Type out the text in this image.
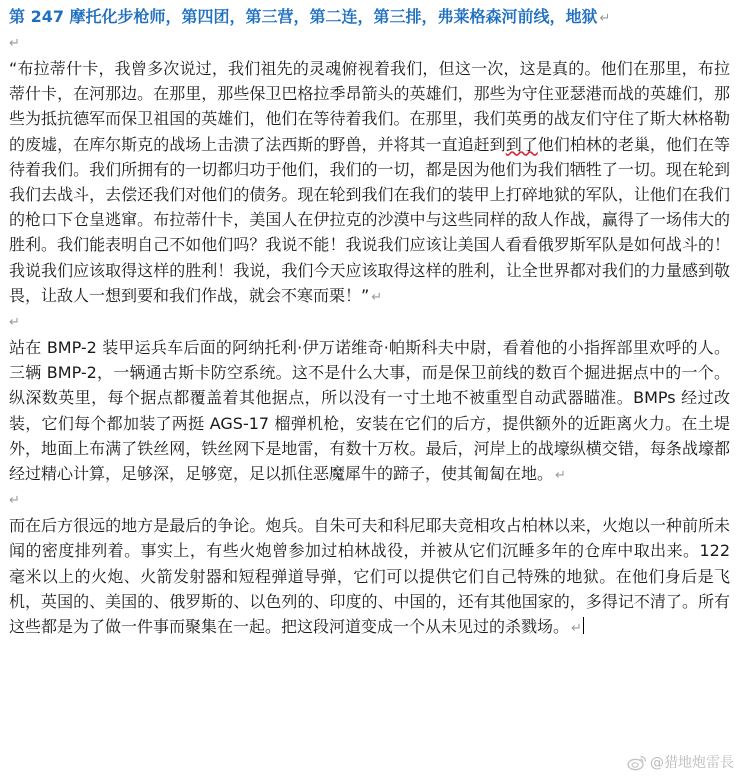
第 247 摩托化步枪师，第四团，第三营，第二连，第三排，弗莱格森河前线，地狱 ↵
↵

“布拉蒂什卡，我曾多次说过，我们祖先的灵魂俯视着我们，但这一次，这是真的。他们在那里，布拉蒂什卡，在河那边。在那里，那些保卫巴格拉季昂箭头的英雄们，那些为守住亚瑟港而战的英雄们，那些为抵抗德军而保卫祖国的英雄们，他们在等待着我们。在那里，我们英勇的战友们守住了斯大林格勒的废墟，在库尔斯克的战场上击溃了法西斯的野兽，并将其一直追赶到到了他们柏林的老巢，他们在等待着我们。我们所拥有的一切都归功于他们，我们的一切，都是因为他们为我们牺牲了一切。现在轮到我们去战斗，去偿还我们对他们的债务。现在轮到我们在我们的装甲上打碎地狱的军队，让他们在我们的枪口下仓皇逃窜。布拉蒂什卡，美国人在伊拉克的沙漠中与这些同样的敌人作战，赢得了一场伟大的胜利。我们能表明自己不如他们吗？我说不能！我说我们应该让美国人看看俄罗斯军队是如何战斗的！我说我们应该取得这样的胜利！我说，我们今天应该取得这样的胜利，让全世界都对我们的力量感到敬畏，让敌人一想到要和我们作战，就会不寒而栗！” ↵

↵

站在 BMP-2 装甲运兵车后面的阿纳托利·伊万诺维奇·帕斯科夫中尉，看着他的小指挥部里欢呼的人。三辆 BMP-2，一辆通古斯卡防空系统。这不是什么大事，而是保卫前线的数百个掘进据点中的一个。纵深数英里，每个据点都覆盖着其他据点，所以没有一寸土地不被重型自动武器瞄准。BMPs 经过改装，它们每个都加装了两挺 AGS-17 榴弹机枪，安装在它们的后方，提供额外的近距离火力。在土堤外，地面上布满了铁丝网，铁丝网下是地雷，有数十万枚。最后，河岸上的战壕纵横交错，每条战壕都经过精心计算，足够深，足够宽，足以抓住恶魔犀牛的蹄子，使其匍匐在地。 ↵

↵

而在后方很远的地方是最后的争论。炮兵。自朱可夫和科尼耶夫竞相攻占柏林以来，火炮以一种前所未闻的密度排列着。事实上，有些火炮曾参加过柏林战役，并被从它们沉睡多年的仓库中取出来。122 毫米以上的火炮、火箭发射器和短程弹道导弹，它们可以提供它们自己特殊的地狱。在他们身后是飞机，英国的、美国的、俄罗斯的、以色列的、印度的、中国的，还有其他国家的，多得记不清了。所有这些都是为了做一件事而聚集在一起。把这段河道变成一个从未见过的杀戮场。 ↵

@猎地炮雷長
